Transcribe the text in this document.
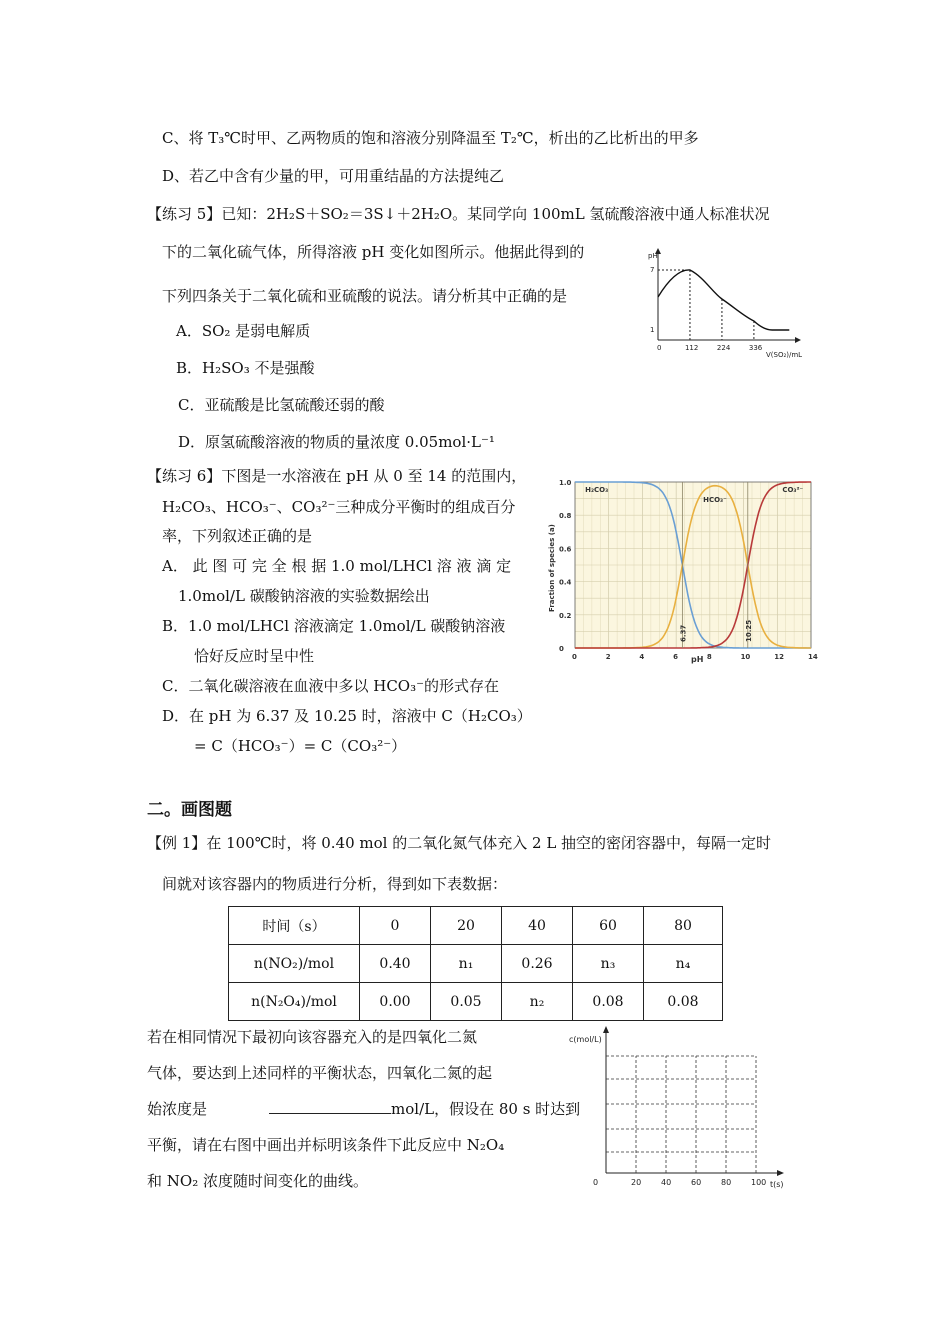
C、将 T₃℃时甲、乙两物质的饱和溶液分别降温至 T₂℃，析出的乙比析出的甲多
D、若乙中含有少量的甲，可用重结晶的方法提纯乙
【练习 5】已知：2H₂S＋SO₂＝3S↓＋2H₂O。某同学向 100mL 氢硫酸溶液中通人标准状况
下的二氧化硫气体，所得溶液 pH 变化如图所示。他据此得到的
下列四条关于二氧化硫和亚硫酸的说法。请分析其中正确的是
A．SO₂ 是弱电解质
B．H₂SO₃ 不是强酸
C．亚硫酸是比氢硫酸还弱的酸
D．原氢硫酸溶液的物质的量浓度 0.05mol·L⁻¹
pH
V(SO₂)/mL
0	112	224	336
7
1
【练习 6】下图是一水溶液在 pH 从 0 至 14 的范围内，
H₂CO₃、HCO₃⁻、CO₃²⁻三种成分平衡时的组成百分
率，下列叙述正确的是
A． 此 图 可 完 全 根 据 1.0 mol/LHCl 溶 液 滴 定
1.0mol/L 碳酸钠溶液的实验数据绘出
B．1.0 mol/LHCl 溶液滴定 1.0mol/L 碳酸钠溶液
恰好反应时呈中性
C．二氧化碳溶液在血液中多以 HCO₃⁻的形式存在
D．在 pH 为 6.37 及 10.25 时，溶液中 C（H₂CO₃）
= C（HCO₃⁻）= C（CO₃²⁻）
0	2	4	6	8	10	12	14
0
0.2
0.4
0.6
0.8
1.0
Fraction of species (a)
pH
H₂CO₃
HCO₃⁻
CO₃²⁻
6.37	10.25
二。画图题
【例 1】在 100℃时，将 0.40 mol 的二氧化氮气体充入 2 L 抽空的密闭容器中，每隔一定时
间就对该容器内的物质进行分析，得到如下表数据：
时间（s）	0	20	40	60	80
n(NO₂)/mol	0.40	n₁	0.26	n₃	n₄
n(N₂O₄)/mol	0.00	0.05	n₂	0.08	0.08
若在相同情况下最初向该容器充入的是四氧化二氮
气体，要达到上述同样的平衡状态，四氧化二氮的起
始浓度是	mol/L，假设在 80 s 时达到
平衡，请在右图中画出并标明该条件下此反应中 N₂O₄
和 NO₂ 浓度随时间变化的曲线。
c(mol/L)
t(s)
0	20 40 60 80 100
